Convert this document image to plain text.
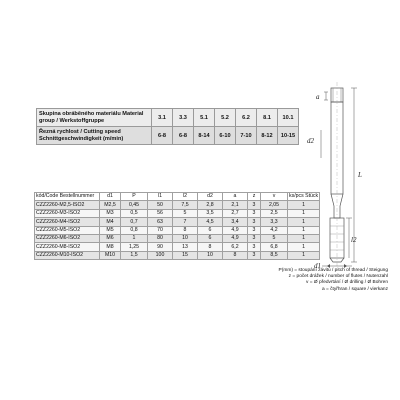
a
d2
L
l2
d1
Skupina obráběného materiálu Material group / Werkstoffgruppe	3.1	3.3	5.1	5.2	6.2	8.1	10.1
Řezná rychlost / Cutting speed Schnittgeschwindigkeit (m/min)	6-8	6-8	8-14	6-10	7-10	8-12	10-15
kód/Code Bestellnummer	d1	P	l1	l2	d2	a	z	v	ks/pcs Stück
CZZ2260-M2,5-ISO2	M2,5	0,45	50	7,5	2,8	2,1	3	2,05	1
CZZ2260-M3-ISO2	M3	0,5	56	5	3,5	2,7	3	2,5	1
CZZ2260-M4-ISO2	M4	0,7	63	7	4,5	3,4	3	3,3	1
CZZ2260-M5-ISO2	M5	0,8	70	8	6	4,9	3	4,2	1
CZZ2260-M6-ISO2	M6	1	80	10	6	4,9	3	5	1
CZZ2260-M8-ISO2	M8	1,25	90	13	8	6,2	3	6,8	1
CZZ2260-M10-ISO2	M10	1,5	100	15	10	8	3	8,5	1
P(mm) = stoupání závitu / pitch of thread / Steigung
z = počet drážek / number of flutes / Nutenzahl
v = Ø předvrtání / Ø drilling / Ø Bohren
a = čtyřhran / square / vierkanz
